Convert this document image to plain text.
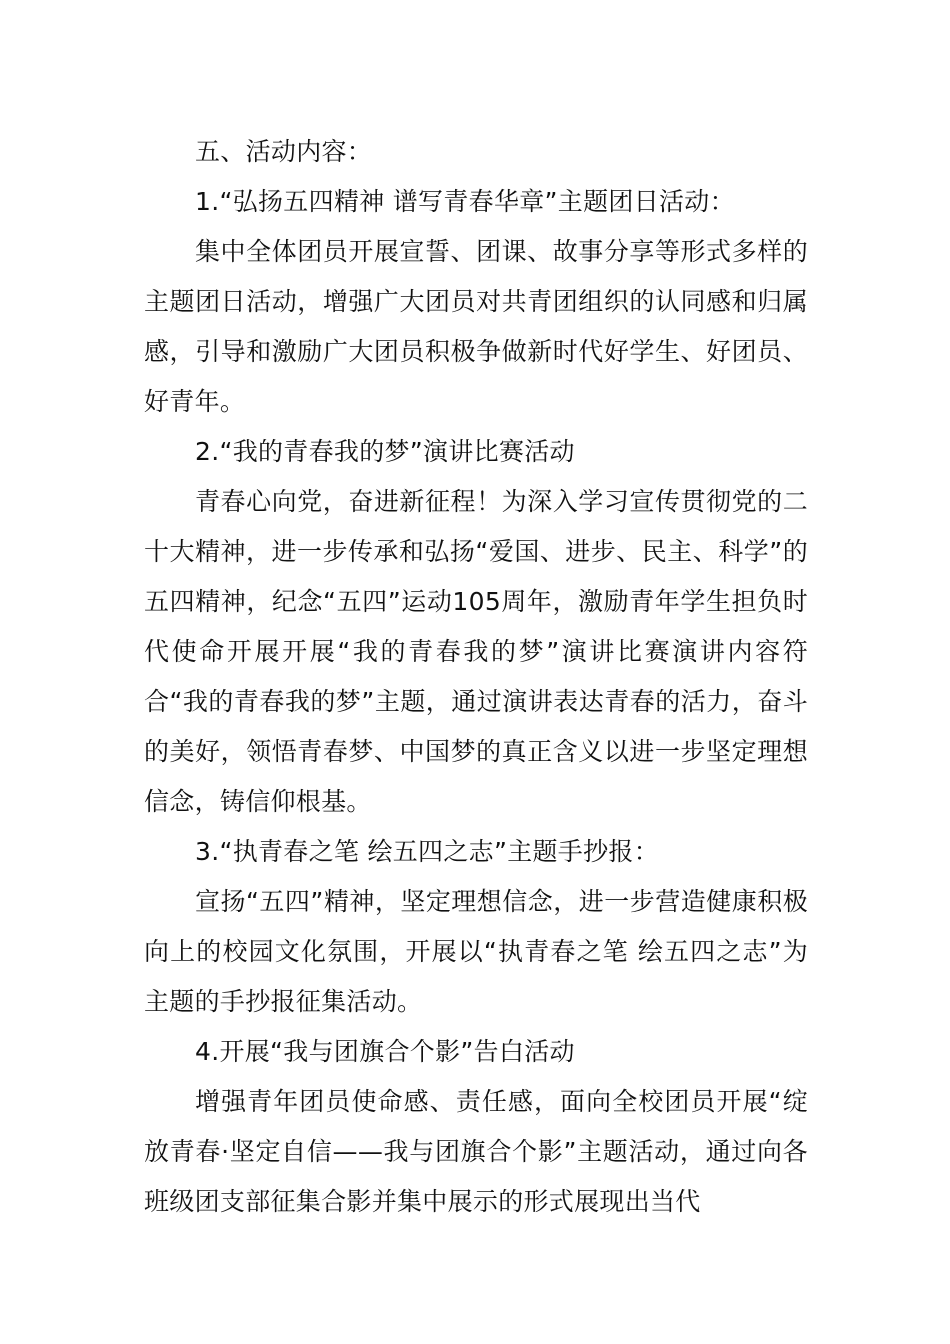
五、活动内容：

1.“弘扬五四精神 谱写青春华章”主题团日活动：

集中全体团员开展宣誓、团课、故事分享等形式多样的主题团日活动，增强广大团员对共青团组织的认同感和归属感，引导和激励广大团员积极争做新时代好学生、好团员、好青年。

2.“我的青春我的梦”演讲比赛活动

青春心向党，奋进新征程！为深入学习宣传贯彻党的二十大精神，进一步传承和弘扬“爱国、进步、民主、科学”的五四精神，纪念“五四”运动105周年，激励青年学生担负时代使命开展开展“我的青春我的梦”演讲比赛演讲内容符合“我的青春我的梦”主题，通过演讲表达青春的活力，奋斗的美好，领悟青春梦、中国梦的真正含义以进一步坚定理想信念，铸信仰根基。

3.“执青春之笔 绘五四之志”主题手抄报：

宣扬“五四”精神，坚定理想信念，进一步营造健康积极向上的校园文化氛围，开展以“执青春之笔 绘五四之志”为主题的手抄报征集活动。

4.开展“我与团旗合个影”告白活动

增强青年团员使命感、责任感，面向全校团员开展“绽放青春·坚定自信——我与团旗合个影”主题活动，通过向各班级团支部征集合影并集中展示的形式展现出当代
